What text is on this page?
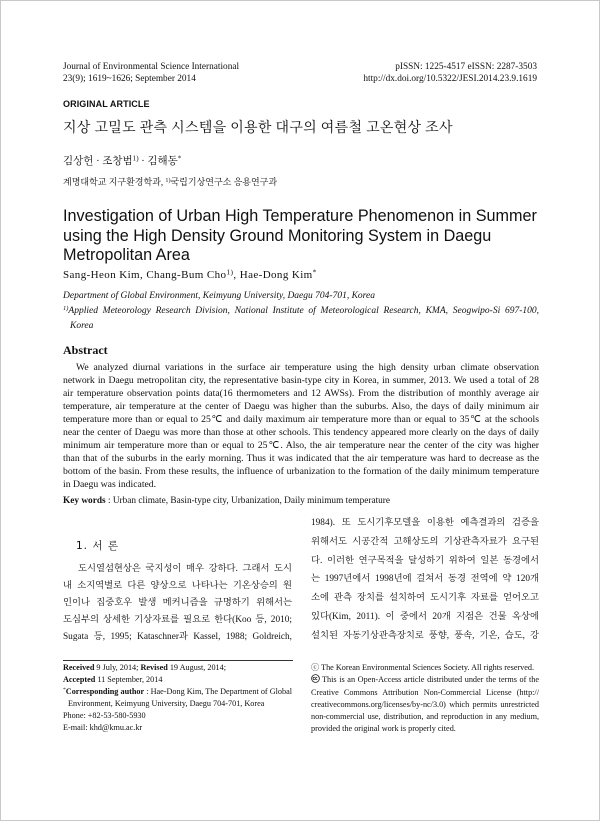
Journal of Environmental Science International
23(9); 1619~1626; September 2014
pISSN: 1225-4517 eISSN: 2287-3503
http://dx.doi.org/10.5322/JESI.2014.23.9.1619
ORIGINAL ARTICLE
지상 고밀도 관측 시스템을 이용한 대구의 여름철 고온현상 조사
김상헌 · 조창범$^{1)}$ · 김해동*
계명대학교 지구환경학과, $^{1)}$국립기상연구소 응용연구과
Investigation of Urban High Temperature Phenomenon in Summer
using the High Density Ground Monitoring System in Daegu
Metropolitan Area
Sang-Heon Kim, Chang-Bum Cho$^{1)}$, Hae-Dong Kim*
Department of Global Environment, Keimyung University, Daegu 704-701, Korea
$^{1)}$Applied Meteorology Research Division, National Institute of Meteorological Research, KMA, Seogwipo-Si 697-100,
Korea
Abstract
We analyzed diurnal variations in the surface air temperature using the high density urban climate observation
network in Daegu metropolitan city, the representative basin-type city in Korea, in summer, 2013. We used a total of 28
air temperature observation points data(16 thermometers and 12 AWSs). From the distribution of monthly average air
temperature, air temperature at the center of Daegu was higher than the suburbs. Also, the days of daily minimum air
temperature more than or equal to 25℃ and daily maximum air temperature more than or equal to 35℃ at the schools
near the center of Daegu was more than those at other schools. This tendency appeared more clearly on the days of daily
minimum air temperature more than or equal to 25℃. Also, the air temperature near the center of the city was higher
than that of the suburbs in the early morning. Thus it was indicated that the air temperature was hard to decrease as the
bottom of the basin. From these results, the influence of urbanization to the formation of the daily minimum temperature
in Daegu was indicated.
Key words : Urban climate, Basin-type city, Urbanization, Daily minimum temperature
1. 서 론
도시열섬현상은 국지성이 매우 강하다. 그래서 도시
내 소지역별로 다른 양상으로 나타나는 기온상승의 원
인이나 집중호우 발생 메커니즘을 규명하기 위해서는
도심부의 상세한 기상자료를 필요로 한다(Koo 등, 2010;
Sugata 등, 1995; Kataschner과 Kassel, 1988; Goldreich,
1984). 또 도시기후모델을 이용한 예측결과의 검증을
위해서도 시공간적 고해상도의 기상관측자료가 요구된
다. 이러한 연구목적을 달성하기 위하여 일본 동경에서
는 1997년에서 1998년에 걸쳐서 동경 전역에 약 120개
소에 관측 장치를 설치하여 도시기후 자료를 얻어오고
있다(Kim, 2011). 이 중에서 20개 지점은 건물 옥상에
설치된 자동기상관측장치로 풍향, 풍속, 기온, 습도, 강
Received 9 July, 2014; Revised 19 August, 2014;
Accepted 11 September, 2014
*Corresponding author : Hae-Dong Kim, The Department of Global
Environment, Keimyung University, Daegu 704-701, Korea
Phone: +82-53-580-5930
E-mail: khd@kmu.ac.kr
ⓒ The Korean Environmental Sciences Society. All rights reserved.
This is an Open-Access article distributed under the terms of the
Creative Commons Attribution Non-Commercial License (http://
creativecommons.org/licenses/by-nc/3.0) which permits unrestricted
non-commercial use, distribution, and reproduction in any medium,
provided the original work is properly cited.
